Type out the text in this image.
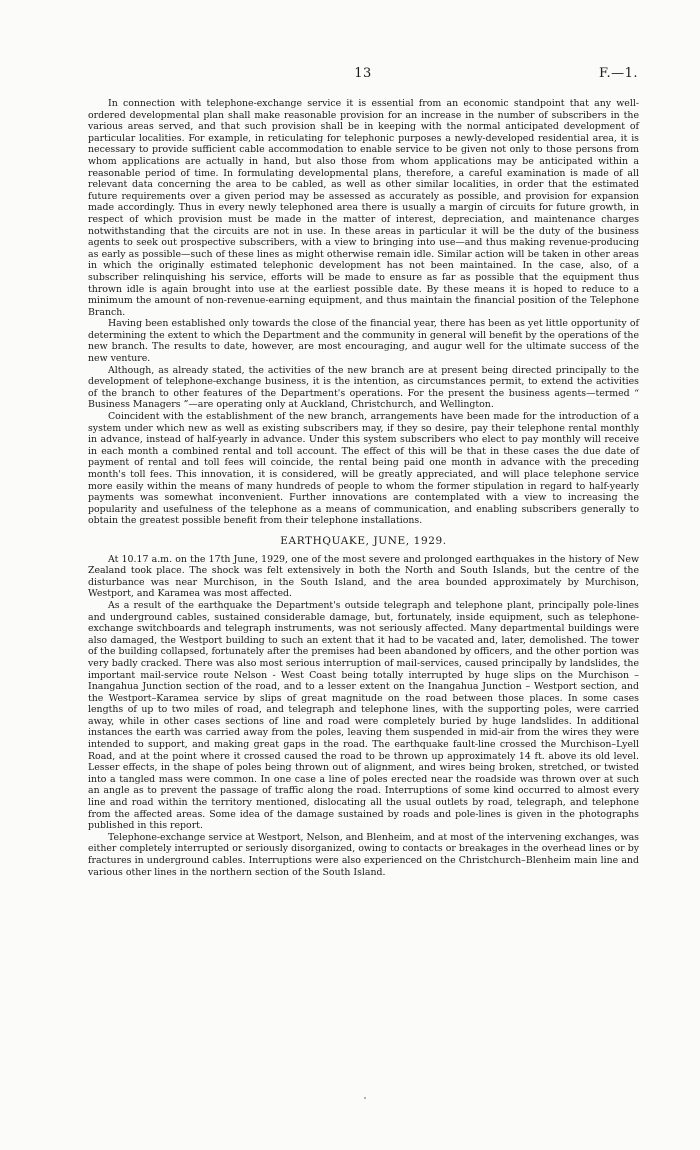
13	F.—1.

In connection with telephone-exchange service it is essential from an economic standpoint that any well-ordered developmental plan shall make reasonable provision for an increase in the number of subscribers in the various areas served, and that such provision shall be in keeping with the normal anticipated development of particular localities. For example, in reticulating for telephonic purposes a newly-developed residential area, it is necessary to provide sufficient cable accommodation to enable service to be given not only to those persons from whom applications are actually in hand, but also those from whom applications may be anticipated within a reasonable period of time. In formulating developmental plans, therefore, a careful examination is made of all relevant data concerning the area to be cabled, as well as other similar localities, in order that the estimated future requirements over a given period may be assessed as accurately as possible, and provision for expansion made accordingly. Thus in every newly telephoned area there is usually a margin of circuits for future growth, in respect of which provision must be made in the matter of interest, depreciation, and maintenance charges notwithstanding that the circuits are not in use. In these areas in particular it will be the duty of the business agents to seek out prospective subscribers, with a view to bringing into use—and thus making revenue-producing as early as possible—such of these lines as might otherwise remain idle. Similar action will be taken in other areas in which the originally estimated telephonic development has not been maintained. In the case, also, of a subscriber relinquishing his service, efforts will be made to ensure as far as possible that the equipment thus thrown idle is again brought into use at the earliest possible date. By these means it is hoped to reduce to a minimum the amount of non-revenue-earning equipment, and thus maintain the financial position of the Telephone Branch.

Having been established only towards the close of the financial year, there has been as yet little opportunity of determining the extent to which the Department and the community in general will benefit by the operations of the new branch. The results to date, however, are most encouraging, and augur well for the ultimate success of the new venture.

Although, as already stated, the activities of the new branch are at present being directed principally to the development of telephone-exchange business, it is the intention, as circumstances permit, to extend the activities of the branch to other features of the Department's operations. For the present the business agents—termed “ Business Managers ”—are operating only at Auckland, Christchurch, and Wellington.

Coincident with the establishment of the new branch, arrangements have been made for the introduction of a system under which new as well as existing subscribers may, if they so desire, pay their telephone rental monthly in advance, instead of half-yearly in advance. Under this system subscribers who elect to pay monthly will receive in each month a combined rental and toll account. The effect of this will be that in these cases the due date of payment of rental and toll fees will coincide, the rental being paid one month in advance with the preceding month's toll fees. This innovation, it is considered, will be greatly appreciated, and will place telephone service more easily within the means of many hundreds of people to whom the former stipulation in regard to half-yearly payments was somewhat inconvenient. Further innovations are contemplated with a view to increasing the popularity and usefulness of the telephone as a means of communication, and enabling subscribers generally to obtain the greatest possible benefit from their telephone installations.

EARTHQUAKE, JUNE, 1929.

At 10.17 a.m. on the 17th June, 1929, one of the most severe and prolonged earthquakes in the history of New Zealand took place. The shock was felt extensively in both the North and South Islands, but the centre of the disturbance was near Murchison, in the South Island, and the area bounded approximately by Murchison, Westport, and Karamea was most affected.

As a result of the earthquake the Department's outside telegraph and telephone plant, principally pole-lines and underground cables, sustained considerable damage, but, fortunately, inside equipment, such as telephone-exchange switchboards and telegraph instruments, was not seriously affected. Many departmental buildings were also damaged, the Westport building to such an extent that it had to be vacated and, later, demolished. The tower of the building collapsed, fortunately after the premises had been abandoned by officers, and the other portion was very badly cracked. There was also most serious interruption of mail-services, caused principally by landslides, the important mail-service route Nelson - West Coast being totally interrupted by huge slips on the Murchison – Inangahua Junction section of the road, and to a lesser extent on the Inangahua Junction – Westport section, and the Westport–Karamea service by slips of great magnitude on the road between those places. In some cases lengths of up to two miles of road, and telegraph and telephone lines, with the supporting poles, were carried away, while in other cases sections of line and road were completely buried by huge landslides. In additional instances the earth was carried away from the poles, leaving them suspended in mid-air from the wires they were intended to support, and making great gaps in the road. The earthquake fault-line crossed the Murchison–Lyell Road, and at the point where it crossed caused the road to be thrown up approximately 14 ft. above its old level. Lesser effects, in the shape of poles being thrown out of alignment, and wires being broken, stretched, or twisted into a tangled mass were common. In one case a line of poles erected near the roadside was thrown over at such an angle as to prevent the passage of traffic along the road. Interruptions of some kind occurred to almost every line and road within the territory mentioned, dislocating all the usual outlets by road, telegraph, and telephone from the affected areas. Some idea of the damage sustained by roads and pole-lines is given in the photographs published in this report.

Telephone-exchange service at Westport, Nelson, and Blenheim, and at most of the intervening exchanges, was either completely interrupted or seriously disorganized, owing to contacts or breakages in the overhead lines or by fractures in underground cables. Interruptions were also experienced on the Christchurch–Blenheim main line and various other lines in the northern section of the South Island.
